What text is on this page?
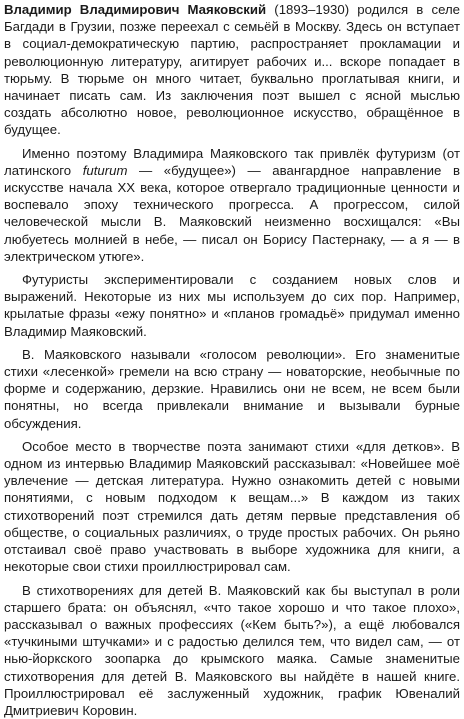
Владимир Владимирович Маяковский (1893–1930) родился в селе Багдади в Грузии, позже переехал с семьёй в Москву. Здесь он вступает в социал-демократическую партию, распространяет прокламации и революционную литературу, агитирует рабочих и... вскоре попадает в тюрьму. В тюрьме он много читает, буквально проглатывая книги, и начинает писать сам. Из заключения поэт вышел с ясной мыслью создать абсолютно новое, революционное искусство, обращённое в будущее.

Именно поэтому Владимира Маяковского так привлёк футуризм (от латинского futurum — «будущее») — авангардное направление в искусстве начала XX века, которое отвергало традиционные ценности и воспевало эпоху технического прогресса. А прогрессом, силой человеческой мысли В. Маяковский неизменно восхищался: «Вы любуетесь молнией в небе, — писал он Борису Пастернаку, — а я — в электрическом утюге».

Футуристы экспериментировали с созданием новых слов и выражений. Некоторые из них мы используем до сих пор. Например, крылатые фразы «ежу понятно» и «планов громадьё» придумал именно Владимир Маяковский.

В. Маяковского называли «голосом революции». Его знаменитые стихи «лесенкой» гремели на всю страну — новаторские, необычные по форме и содержанию, дерзкие. Нравились они не всем, не всем были понятны, но всегда привлекали внимание и вызывали бурные обсуждения.

Особое место в творчестве поэта занимают стихи «для детков». В одном из интервью Владимир Маяковский рассказывал: «Новейшее моё увлечение — детская литература. Нужно ознакомить детей с новыми понятиями, с новым подходом к вещам...» В каждом из таких стихотворений поэт стремился дать детям первые представления об обществе, о социальных различиях, о труде простых рабочих. Он рьяно отстаивал своё право участвовать в выборе художника для книги, а некоторые свои стихи проиллюстрировал сам.

В стихотворениях для детей В. Маяковский как бы выступал в роли старшего брата: он объяснял, «что такое хорошо и что такое плохо», рассказывал о важных профессиях («Кем быть?»), а ещё любовался «тучкиными штучками» и с радостью делился тем, что видел сам, — от нью-йоркского зоопарка до крымского маяка. Самые знаменитые стихотворения для детей В. Маяковского вы найдёте в нашей книге. Проиллюстрировал её заслуженный художник, график Ювеналий Дмитриевич Коровин.
